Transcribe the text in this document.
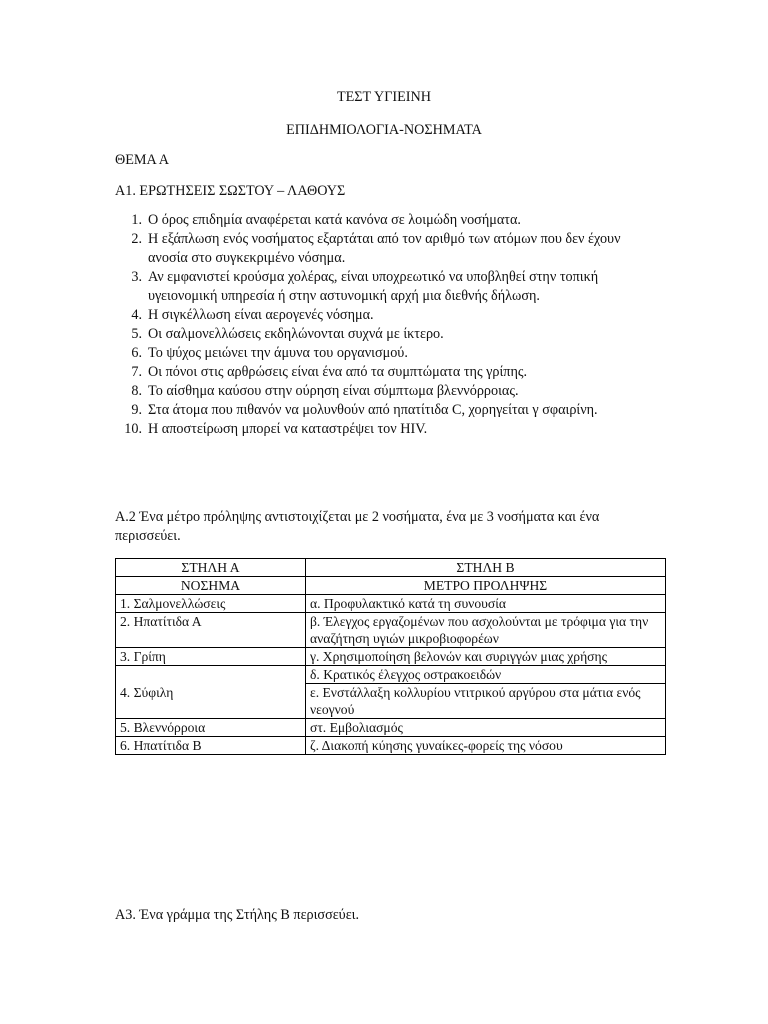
ΤΕΣΤ ΥΓΙΕΙΝΗ
ΕΠΙΔΗΜΙΟΛΟΓΙΑ-ΝΟΣΗΜΑΤΑ
ΘΕΜΑ Α
Α1. ΕΡΩΤΗΣΕΙΣ ΣΩΣΤΟΥ – ΛΑΘΟΥΣ
1. Ο όρος επιδημία αναφέρεται κατά κανόνα σε λοιμώδη νοσήματα.
2. Η εξάπλωση ενός νοσήματος εξαρτάται από τον αριθμό των ατόμων που δεν έχουν ανοσία στο συγκεκριμένο νόσημα.
3. Αν εμφανιστεί κρούσμα χολέρας, είναι υποχρεωτικό να υποβληθεί στην τοπική υγειονομική υπηρεσία ή στην αστυνομική αρχή μια διεθνής δήλωση.
4. Η σιγκέλλωση είναι αερογενές νόσημα.
5. Οι σαλμονελλώσεις εκδηλώνονται συχνά με ίκτερο.
6. Το ψύχος μειώνει την άμυνα του οργανισμού.
7. Οι πόνοι στις αρθρώσεις είναι ένα από τα συμπτώματα της γρίπης.
8. Το αίσθημα καύσου στην ούρηση είναι σύμπτωμα βλεννόρροιας.
9. Στα άτομα που πιθανόν να μολυνθούν από ηπατίτιδα C, χορηγείται γ σφαιρίνη.
10. Η αποστείρωση μπορεί να καταστρέψει τον HIV.
Α.2 Ένα μέτρο πρόληψης αντιστοιχίζεται με 2 νοσήματα, ένα με 3 νοσήματα και ένα περισσεύει.
ΣΤΗΛΗ Α	ΣΤΗΛΗ Β
ΝΟΣΗΜΑ	ΜΕΤΡΟ ΠΡΟΛΗΨΗΣ
1. Σαλμονελλώσεις	α. Προφυλακτικό κατά τη συνουσία
2. Ηπατίτιδα Α	β. Έλεγχος εργαζομένων που ασχολούνται με τρόφιμα για την αναζήτηση υγιών μικροβιοφορέων
3. Γρίπη	γ. Χρησιμοποίηση βελονών και συριγγών μιας χρήσης
4. Σύφιλη	δ. Κρατικός έλεγχος οστρακοειδών
	ε. Ενστάλλαξη κολλυρίου ντιτρικού αργύρου στα μάτια ενός νεογνού
5. Βλεννόρροια	στ. Εμβολιασμός
6. Ηπατίτιδα Β	ζ. Διακοπή κύησης γυναίκες-φορείς της νόσου
Α3. Ένα γράμμα της Στήλης Β περισσεύει.
